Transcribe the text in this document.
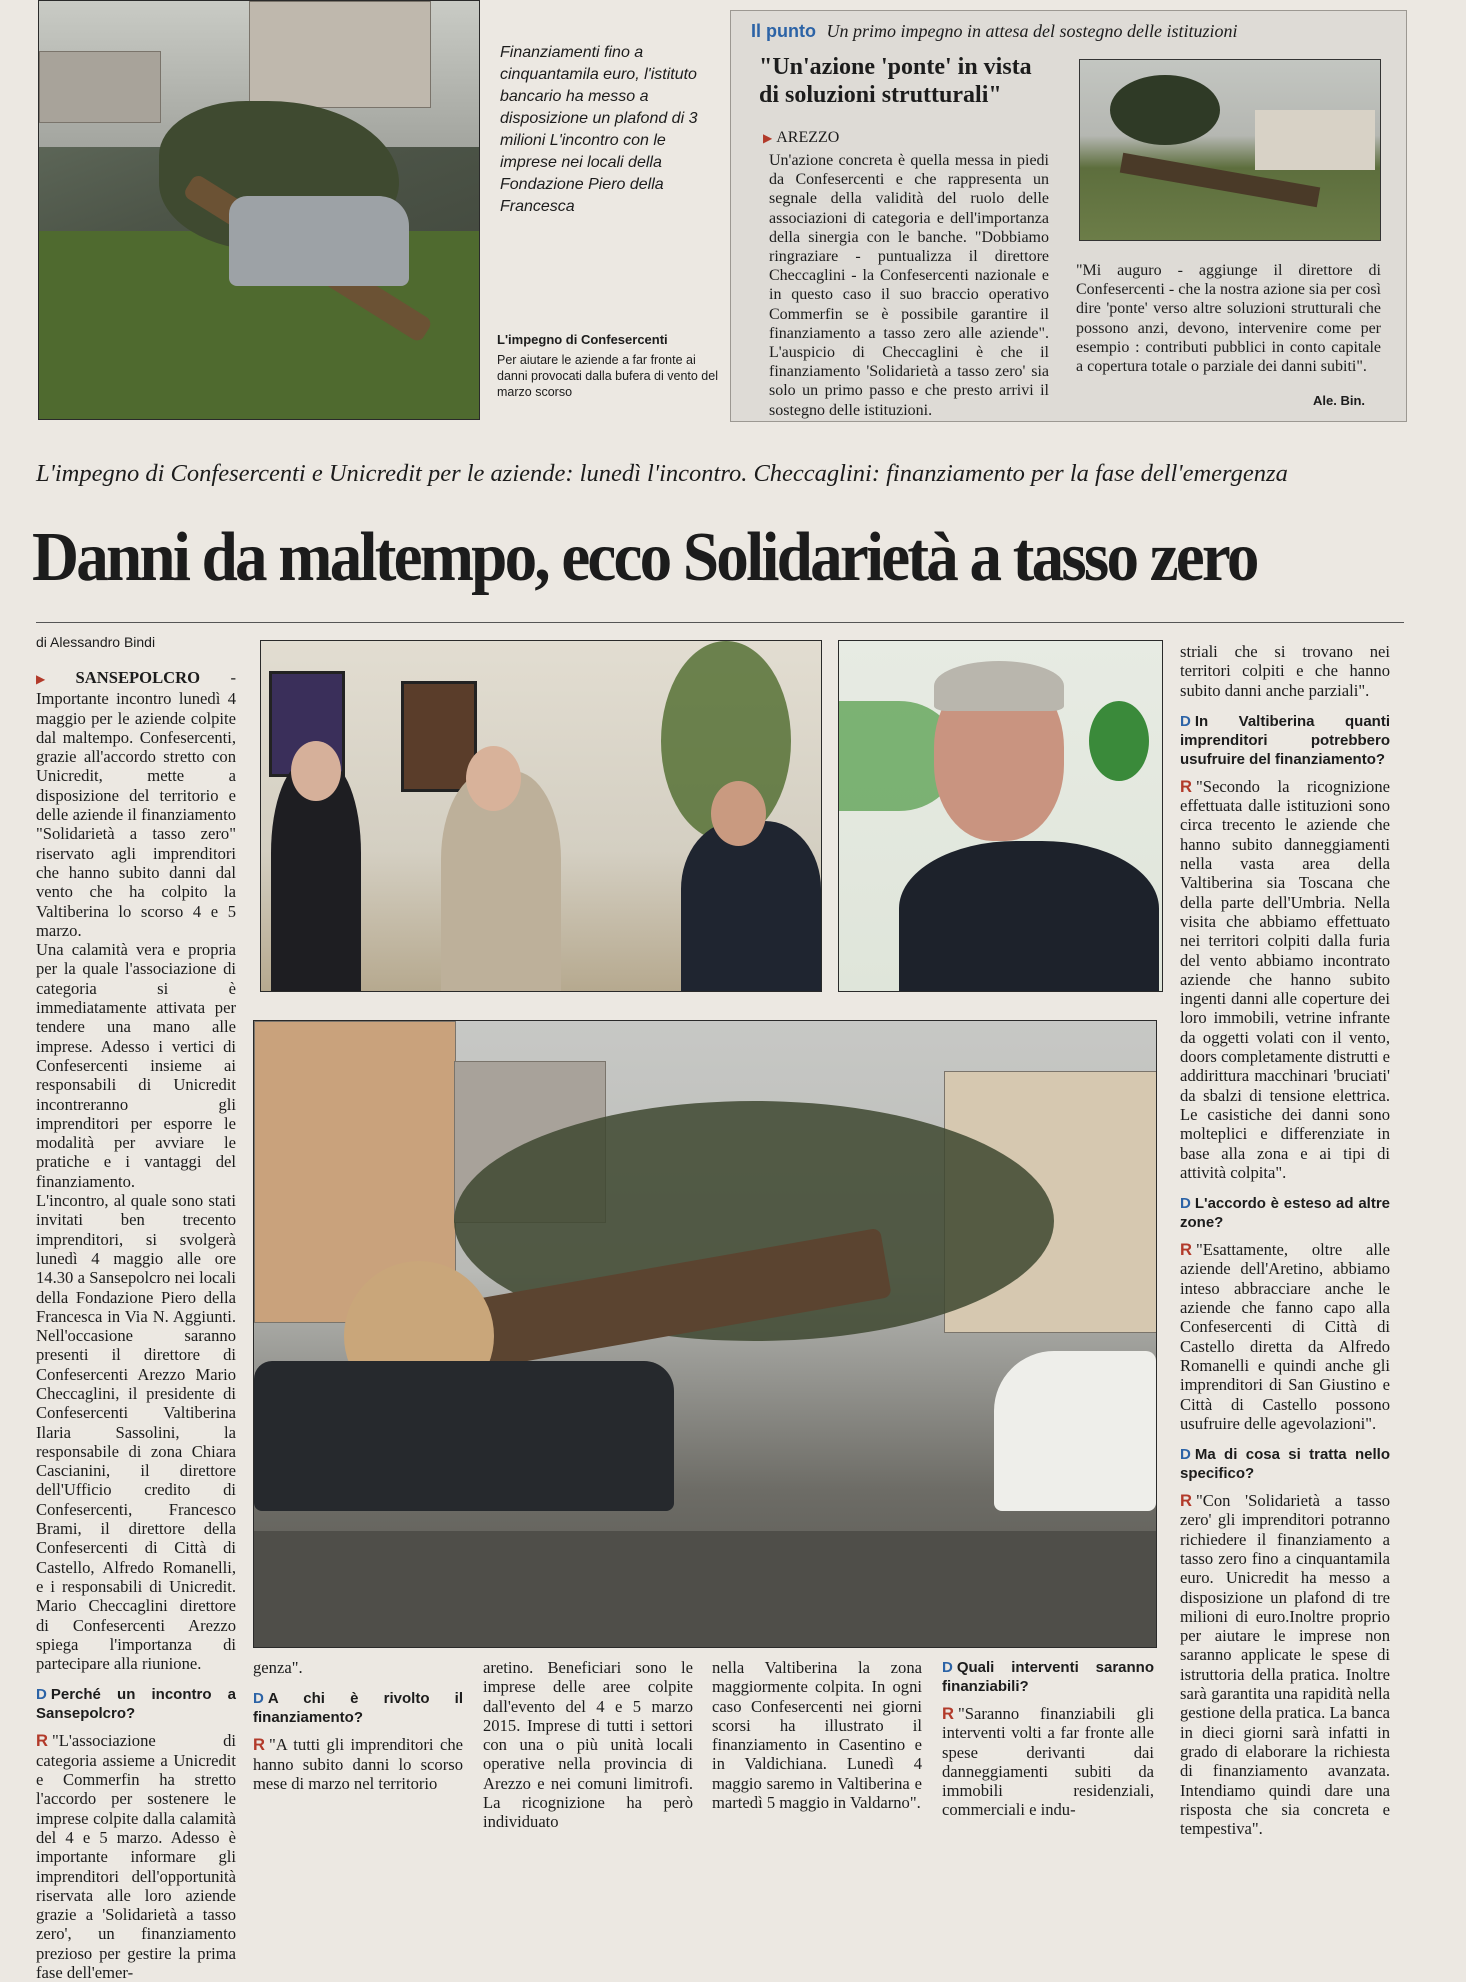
Finanziamenti fino a cinquantamila euro, l'istituto bancario ha messo a disposizione un plafond di 3 milioni L'incontro con le imprese nei locali della Fondazione Piero della Francesca
L'impegno di Confesercenti
Per aiutare le aziende a far fronte ai danni provocati dalla bufera di vento del marzo scorso
Il punto Un primo impegno in attesa del sostegno delle istituzioni
"Un'azione 'ponte' in vista
di soluzioni strutturali"
▶ AREZZO
Un'azione concreta è quella messa in piedi da Confesercenti e che rappresenta un segnale della validità del ruolo delle associazioni di categoria e dell'importanza della sinergia con le banche. "Dobbiamo ringraziare - puntualizza il direttore Checcaglini - la Confesercenti nazionale e in questo caso il suo braccio operativo Commerfin se è possibile garantire il finanziamento a tasso zero alle aziende". L'auspicio di Checcaglini è che il finanziamento 'Solidarietà a tasso zero' sia solo un primo passo e che presto arrivi il sostegno delle istituzioni.
"Mi auguro - aggiunge il direttore di Confesercenti - che la nostra azione sia per così dire 'ponte' verso altre soluzioni strutturali che possono anzi, devono, intervenire come per esempio : contributi pubblici in conto capitale a copertura totale o parziale dei danni subiti".
Ale. Bin.
L'impegno di Confesercenti e Unicredit per le aziende: lunedì l'incontro. Checcaglini: finanziamento per la fase dell'emergenza
Danni da maltempo, ecco Solidarietà a tasso zero
di Alessandro Bindi

▶ SANSEPOLCRO - Importante incontro lunedì 4 maggio per le aziende colpite dal maltempo. Confesercenti, grazie all'accordo stretto con Unicredit, mette a disposizione del territorio e delle aziende il finanziamento "Solidarietà a tasso zero" riservato agli imprenditori che hanno subito danni dal vento che ha colpito la Valtiberina lo scorso 4 e 5 marzo.

Una calamità vera e propria per la quale l'associazione di categoria si è immediatamente attivata per tendere una mano alle imprese. Adesso i vertici di Confesercenti insieme ai responsabili di Unicredit incontreranno gli imprenditori per esporre le modalità per avviare le pratiche e i vantaggi del finanziamento.

L'incontro, al quale sono stati invitati ben trecento imprenditori, si svolgerà lunedì 4 maggio alle ore 14.30 a Sansepolcro nei locali della Fondazione Piero della Francesca in Via N. Aggiunti. Nell'occasione saranno presenti il direttore di Confesercenti Arezzo Mario Checcaglini, il presidente di Confesercenti Valtiberina Ilaria Sassolini, la responsabile di zona Chiara Cascianini, il direttore dell'Ufficio credito di Confesercenti, Francesco Brami, il direttore della Confesercenti di Città di Castello, Alfredo Romanelli, e i responsabili di Unicredit. Mario Checcaglini direttore di Confesercenti Arezzo spiega l'importanza di partecipare alla riunione.

D Perché un incontro a Sansepolcro?

R "L'associazione di categoria assieme a Unicredit e Commerfin ha stretto l'accordo per sostenere le imprese colpite dalla calamità del 4 e 5 marzo. Adesso è importante informare gli imprenditori dell'opportunità riservata alle loro aziende grazie a 'Solidarietà a tasso zero', un finanziamento prezioso per gestire la prima fase dell'emer-

striali che si trovano nei territori colpiti e che hanno subito danni anche parziali".

D In Valtiberina quanti imprenditori potrebbero usufruire del finanziamento?

R "Secondo la ricognizione effettuata dalle istituzioni sono circa trecento le aziende che hanno subito danneggiamenti nella vasta area della Valtiberina sia Toscana che della parte dell'Umbria. Nella visita che abbiamo effettuato nei territori colpiti dalla furia del vento abbiamo incontrato aziende che hanno subito ingenti danni alle coperture dei loro immobili, vetrine infrante da oggetti volati con il vento, doors completamente distrutti e addirittura macchinari 'bruciati' da sbalzi di tensione elettrica. Le casistiche dei danni sono molteplici e differenziate in base alla zona e ai tipi di attività colpita".

D L'accordo è esteso ad altre zone?

R "Esattamente, oltre alle aziende dell'Aretino, abbiamo inteso abbracciare anche le aziende che fanno capo alla Confesercenti di Città di Castello diretta da Alfredo Romanelli e quindi anche gli imprenditori di San Giustino e Città di Castello possono usufruire delle agevolazioni".

D Ma di cosa si tratta nello specifico?

R "Con 'Solidarietà a tasso zero' gli imprenditori potranno richiedere il finanziamento a tasso zero fino a cinquantamila euro. Unicredit ha messo a disposizione un plafond di tre milioni di euro.Inoltre proprio per aiutare le imprese non saranno applicate le spese di istruttoria della pratica. Inoltre sarà garantita una rapidità nella gestione della pratica. La banca in dieci giorni sarà infatti in grado di elaborare la richiesta di finanziamento avanzata. Intendiamo quindi dare una risposta che sia concreta e tempestiva".

genza".

D A chi è rivolto il finanziamento?

R "A tutti gli imprenditori che hanno subito danni lo scorso mese di marzo nel territorio

aretino. Beneficiari sono le imprese delle aree colpite dall'evento del 4 e 5 marzo 2015. Imprese di tutti i settori con una o più unità locali operative nella provincia di Arezzo e nei comuni limitrofi. La ricognizione ha però individuato
nella Valtiberina la zona maggiormente colpita. In ogni caso Confesercenti nei giorni scorsi ha illustrato il finanziamento in Casentino e in Valdichiana. Lunedì 4 maggio saremo in Valtiberina e martedì 5 maggio in Valdarno".
D Quali interventi saranno finanziabili?

R "Saranno finanziabili gli interventi volti a far fronte alle spese derivanti dai danneggiamenti subiti da immobili residenziali, commerciali e indu-
